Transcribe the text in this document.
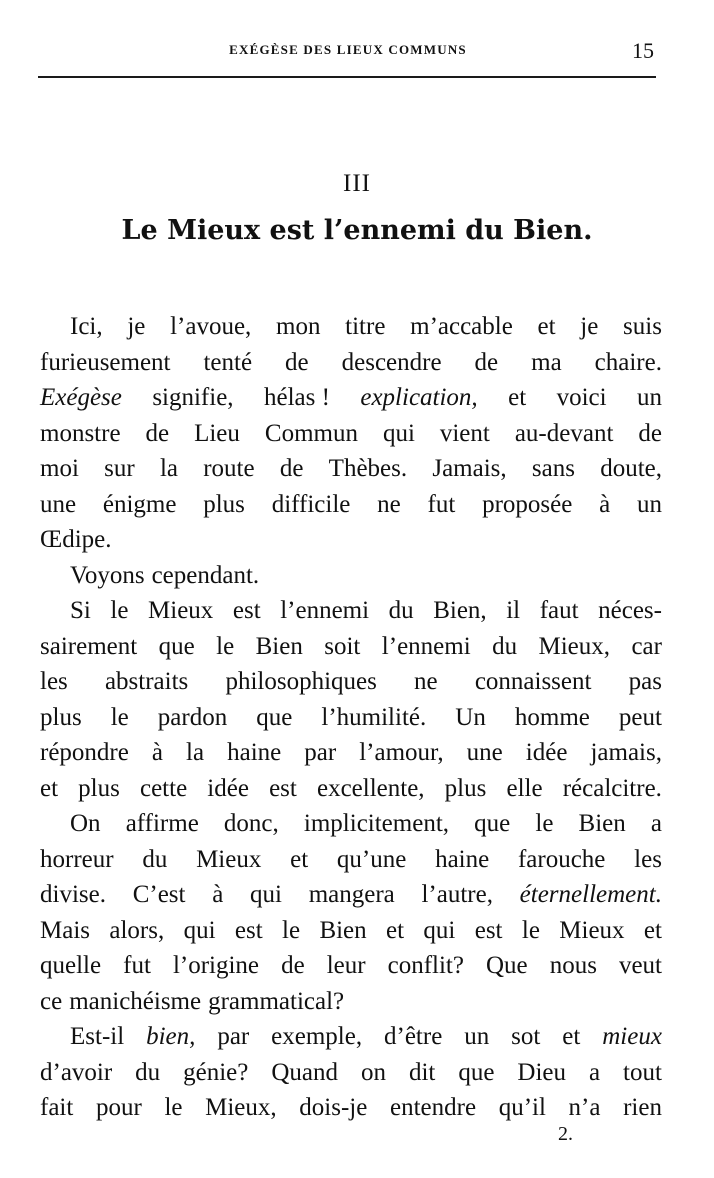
EXÉGÈSE DES LIEUX COMMUNS	15
III
Le Mieux est l’ennemi du Bien.
Ici, je l’avoue, mon titre m’accable et je suis
furieusement tenté de descendre de ma chaire.
Exégèse signifie, hélas ! explication, et voici un
monstre de Lieu Commun qui vient au-devant de
moi sur la route de Thèbes. Jamais, sans doute,
une énigme plus difficile ne fut proposée à un
Œdipe.
Voyons cependant.
Si le Mieux est l’ennemi du Bien, il faut néces-
sairement que le Bien soit l’ennemi du Mieux, car
les abstraits philosophiques ne connaissent pas
plus le pardon que l’humilité. Un homme peut
répondre à la haine par l’amour, une idée jamais,
et plus cette idée est excellente, plus elle récalcitre.
On affirme donc, implicitement, que le Bien a
horreur du Mieux et qu’une haine farouche les
divise. C’est à qui mangera l’autre, éternellement.
Mais alors, qui est le Bien et qui est le Mieux et
quelle fut l’origine de leur conflit? Que nous veut
ce manichéisme grammatical?
Est-il bien, par exemple, d’être un sot et mieux
d’avoir du génie? Quand on dit que Dieu a tout
fait pour le Mieux, dois-je entendre qu’il n’a rien
2.
